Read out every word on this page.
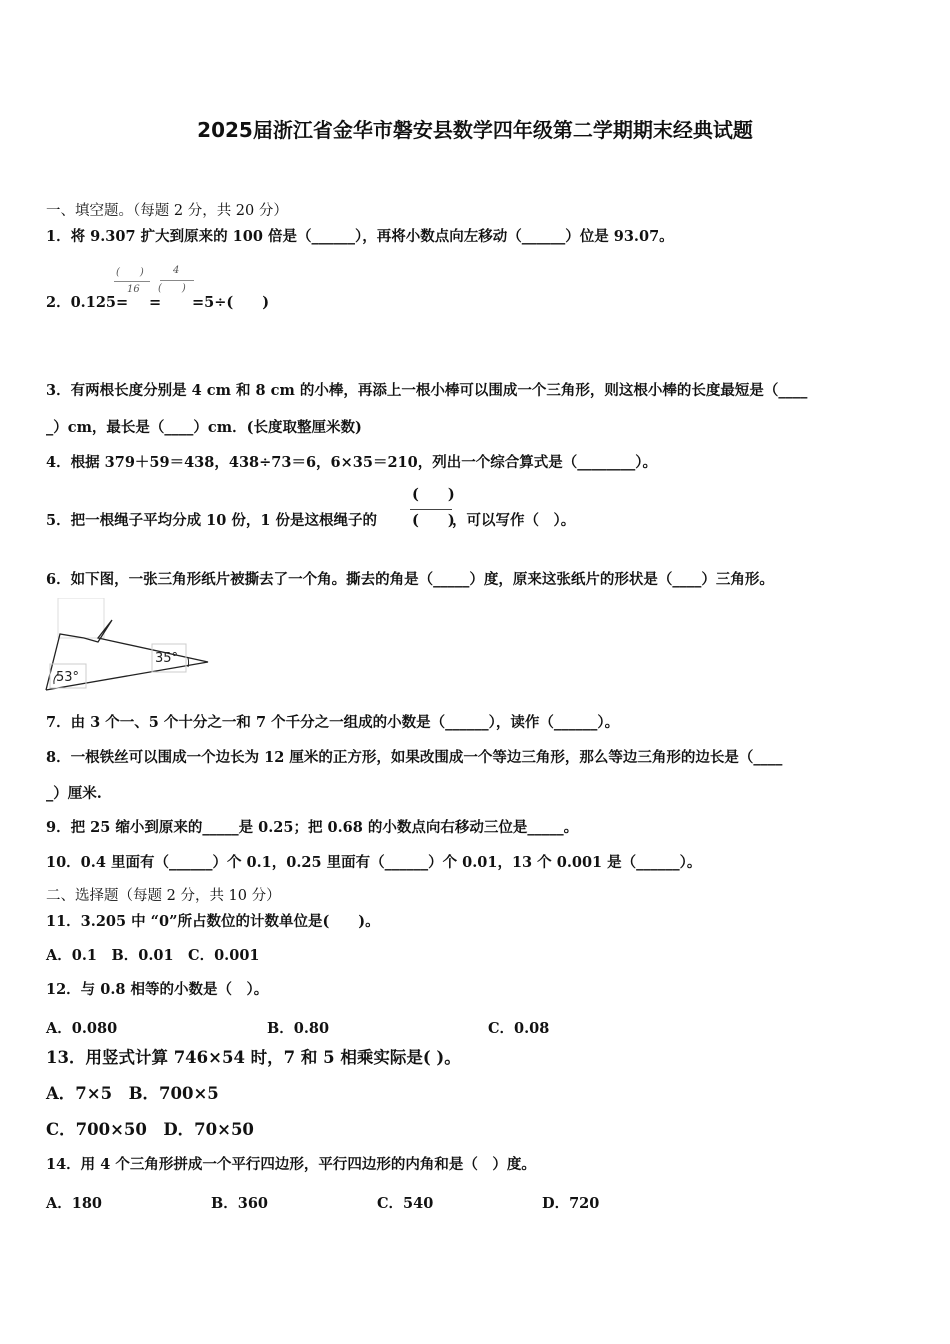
2025届浙江省金华市磐安县数学四年级第二学期期末经典试题
一、填空题。（每题 2 分，共 20 分）
1．将 9.307 扩大到原来的 100 倍是（______），再将小数点向左移动（______）位是 93.07。
2．0.125=
(　　)
16
=
4
(　　)
=5÷(　　)
3．有两根长度分别是 4 cm 和 8 cm 的小棒，再添上一根小棒可以围成一个三角形，则这根小棒的长度最短是（____
_）cm，最长是（____）cm．(长度取整厘米数)
4．根据 379＋59＝438，438÷73＝6，6×35＝210，列出一个综合算式是（________）。
5．把一根绳子平均分成 10 份，1 份是这根绳子的
(　　)
(　　)
，可以写作（　）。
6．如下图，一张三角形纸片被撕去了一个角。撕去的角是（_____）度，原来这张纸片的形状是（____）三角形。
53°
35°
7．由 3 个一、5 个十分之一和 7 个千分之一组成的小数是（______），读作（______）。
8．一根铁丝可以围成一个边长为 12 厘米的正方形，如果改围成一个等边三角形，那么等边三角形的边长是（____
_）厘米.
9．把 25 缩小到原来的_____是 0.25；把 0.68 的小数点向右移动三位是_____。
10．0.4 里面有（______）个 0.1，0.25 里面有（______）个 0.01，13 个 0.001 是（______）。
二、选择题（每题 2 分，共 10 分）
11．3.205 中 “0”所占数位的计数单位是(　　)。
A．0.1　B．0.01　C．0.001
12．与 0.8 相等的小数是（　）。
A．0.080	B．0.80	C．0.08
13．用竖式计算 746×54 时，7 和 5 相乘实际是( )。
A．7×5　B．700×5
C．700×50　D．70×50
14．用 4 个三角形拼成一个平行四边形，平行四边形的内角和是（　）度。
A．180	B．360	C．540	D．720
